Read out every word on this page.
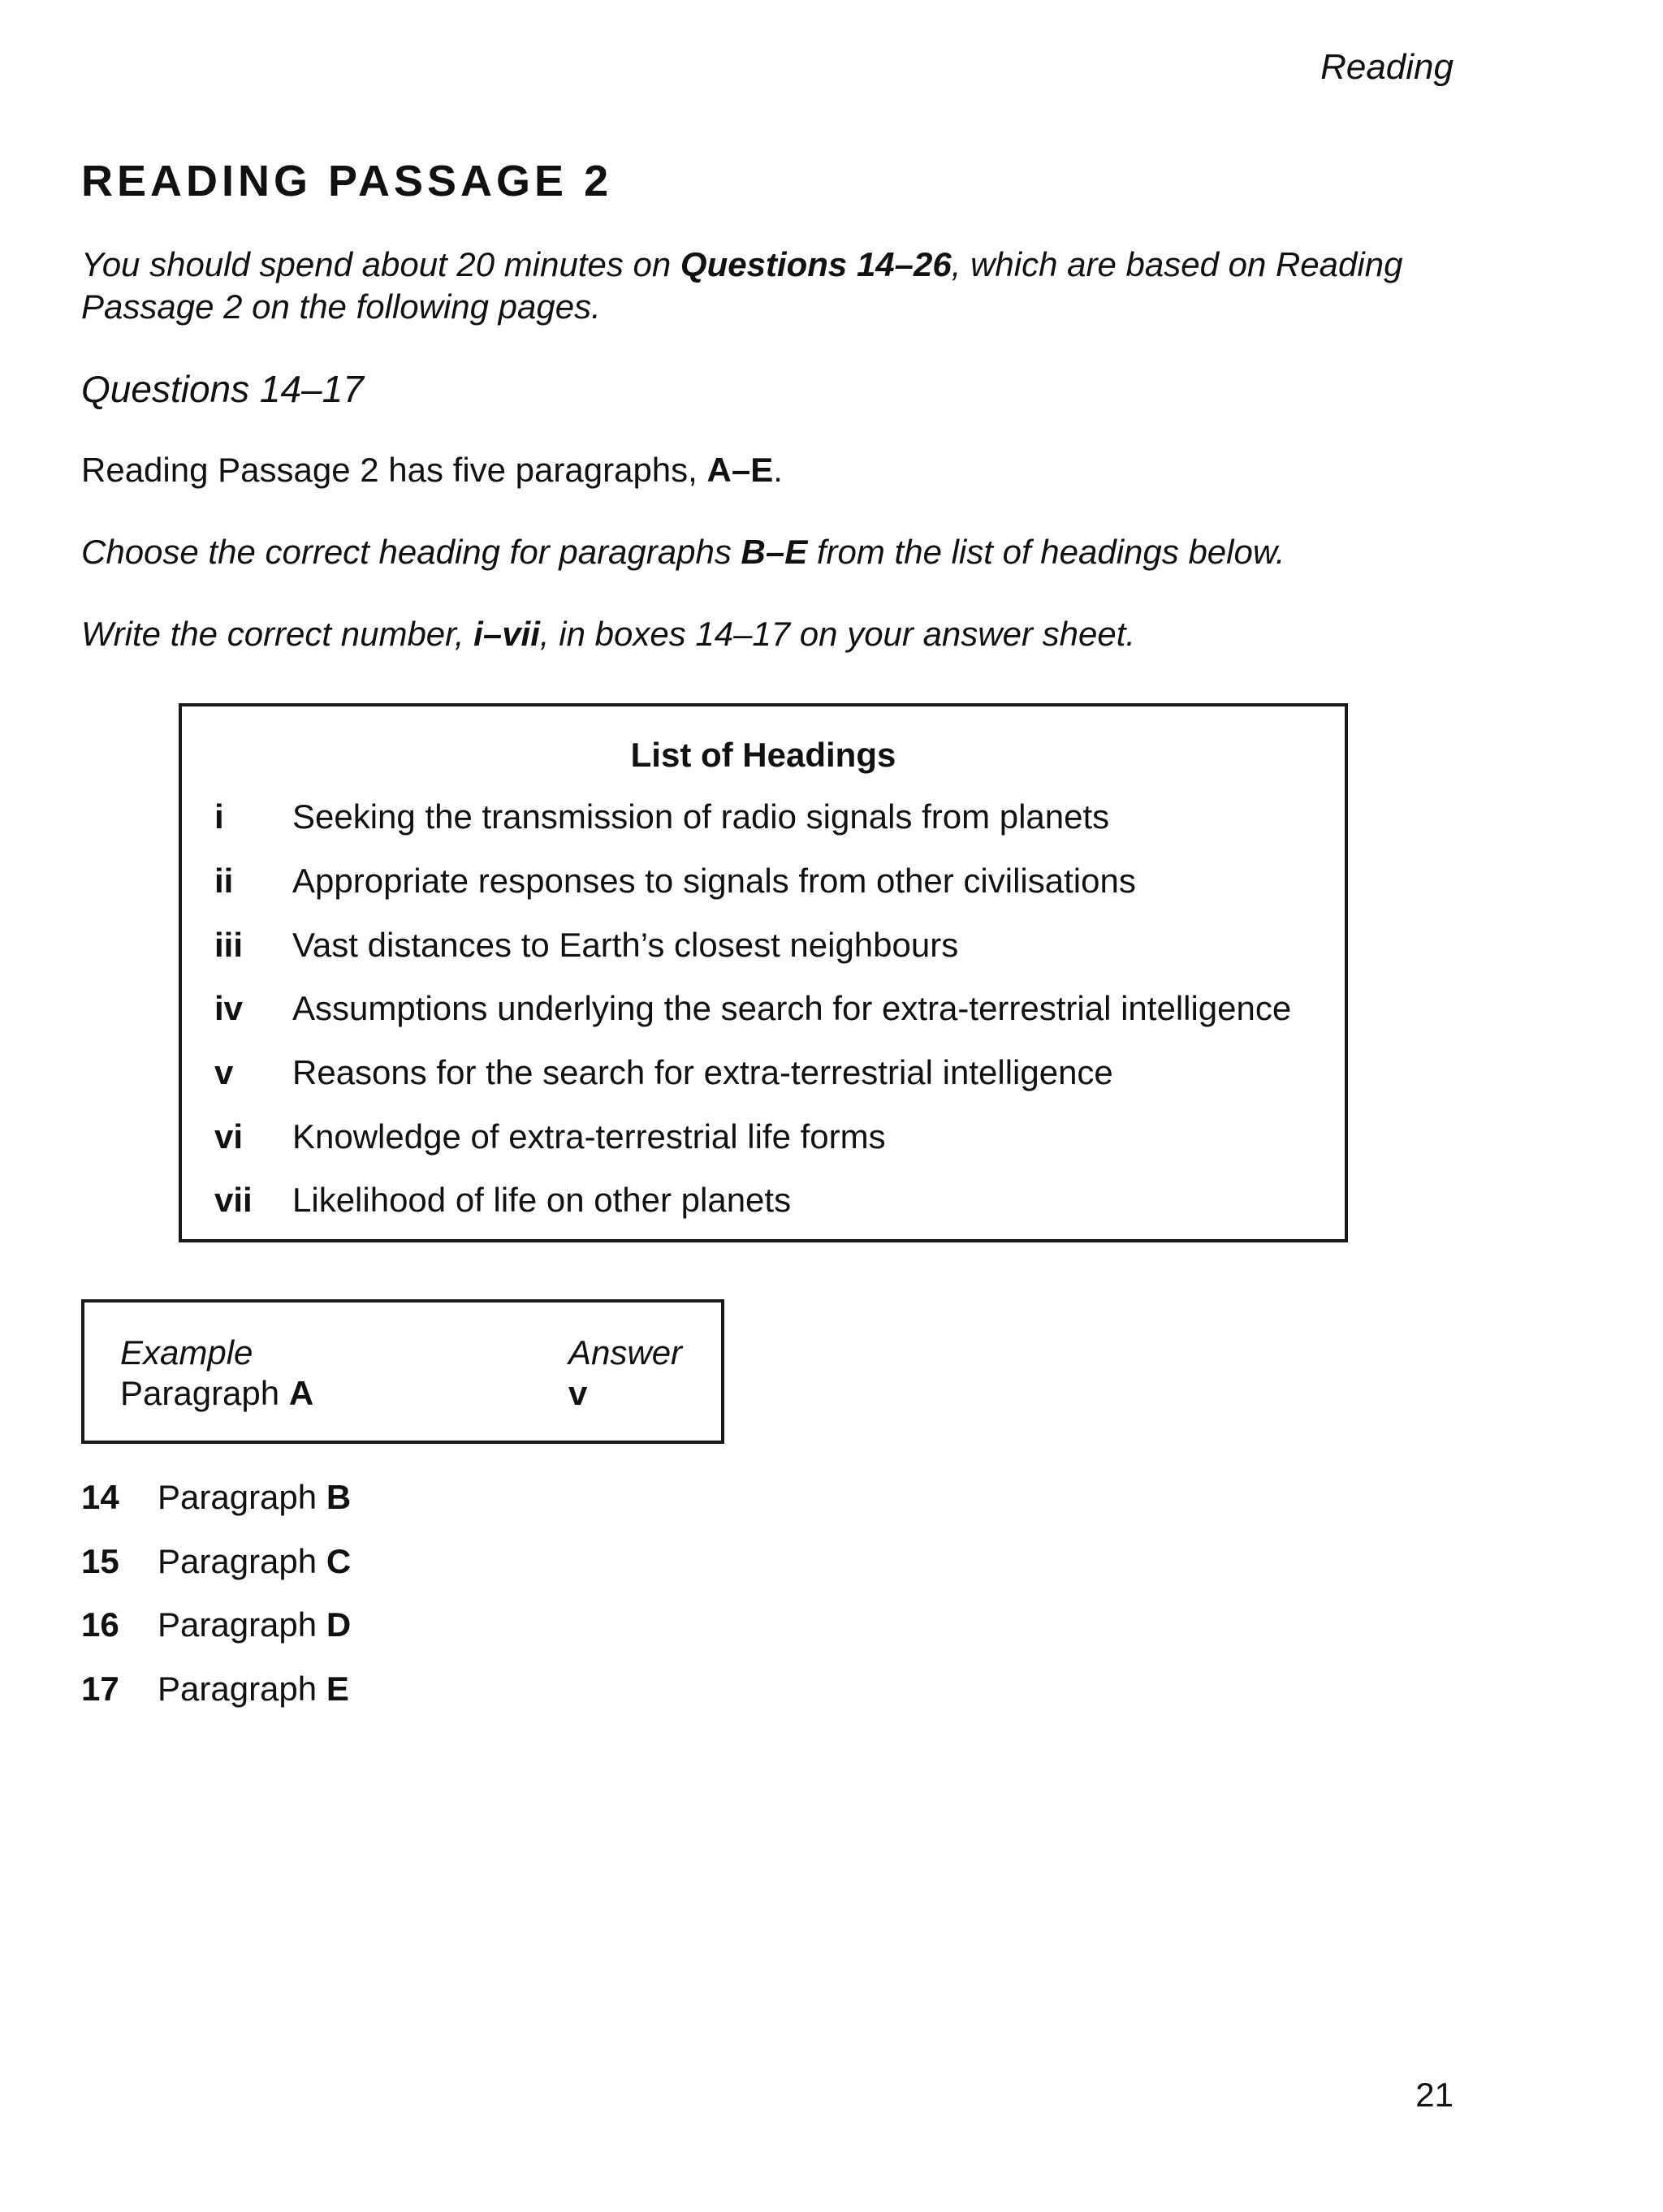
Reading
READING PASSAGE 2
You should spend about 20 minutes on Questions 14–26, which are based on Reading Passage 2 on the following pages.
Questions 14–17
Reading Passage 2 has five paragraphs, A–E.
Choose the correct heading for paragraphs B–E from the list of headings below.
Write the correct number, i–vii, in boxes 14–17 on your answer sheet.
List of Headings
i Seeking the transmission of radio signals from planets
ii Appropriate responses to signals from other civilisations
iii Vast distances to Earth’s closest neighbours
iv Assumptions underlying the search for extra-terrestrial intelligence
v Reasons for the search for extra-terrestrial intelligence
vi Knowledge of extra-terrestrial life forms
vii Likelihood of life on other planets
Example
Paragraph A
Answer
v
14 Paragraph B
15 Paragraph C
16 Paragraph D
17 Paragraph E
21
